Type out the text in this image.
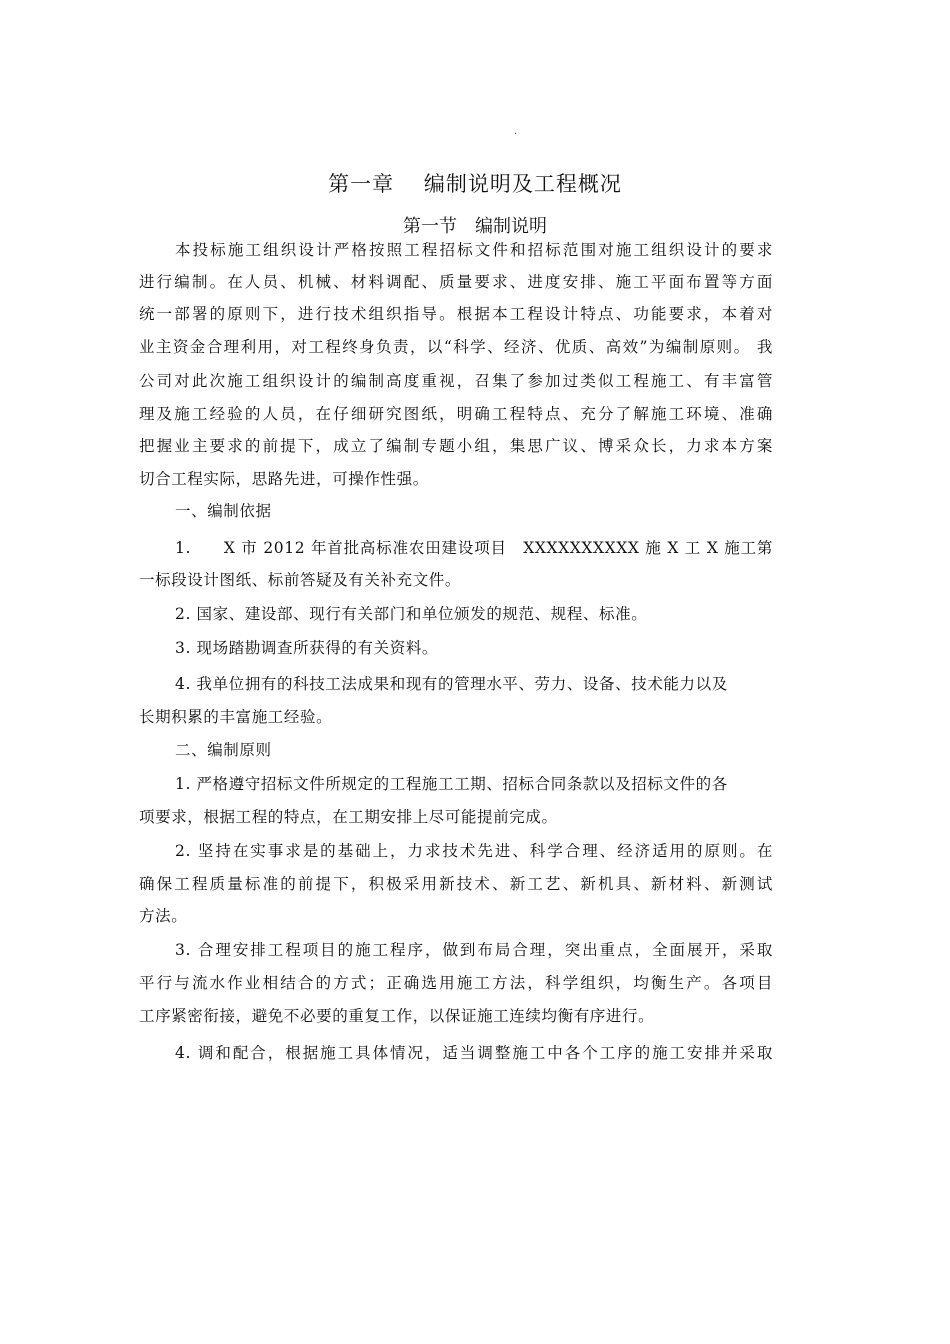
.
第一章　 编制说明及工程概况
第一节　编制说明
本投标施工组织设计严格按照工程招标文件和招标范围对施工组织设计的要求
进行编制。在人员、机械、材料调配、质量要求、进度安排、施工平面布置等方面
统一部署的原则下，进行技术组织指导。根据本工程设计特点、功能要求，本着对
业主资金合理利用，对工程终身负责，以“科学、经济、优质、高效”为编制原则。 我
公司对此次施工组织设计的编制高度重视，召集了参加过类似工程施工、有丰富管
理及施工经验的人员，在仔细研究图纸，明确工程特点、充分了解施工环境、准确
把握业主要求的前提下，成立了编制专题小组，集思广议、博采众长，力求本方案
切合工程实际，思路先进，可操作性强。
一、编制依据
1.　　X 市 2012 年首批高标准农田建设项目　XXXXXXXXXX 施 X 工 X 施工第
一标段设计图纸、标前答疑及有关补充文件。
2. 国家、建设部、现行有关部门和单位颁发的规范、规程、标准。
3. 现场踏勘调查所获得的有关资料。
4. 我单位拥有的科技工法成果和现有的管理水平、劳力、设备、技术能力以及
长期积累的丰富施工经验。
二、编制原则
1. 严格遵守招标文件所规定的工程施工工期、招标合同条款以及招标文件的各
项要求，根据工程的特点，在工期安排上尽可能提前完成。
2. 坚持在实事求是的基础上，力求技术先进、科学合理、经济适用的原则。在
确保工程质量标准的前提下，积极采用新技术、新工艺、新机具、新材料、新测试
方法。
3. 合理安排工程项目的施工程序，做到布局合理，突出重点，全面展开，采取
平行与流水作业相结合的方式；正确选用施工方法，科学组织，均衡生产。各项目
工序紧密衔接，避免不必要的重复工作，以保证施工连续均衡有序进行。
4. 调和配合，根据施工具体情况，适当调整施工中各个工序的施工安排并采取
